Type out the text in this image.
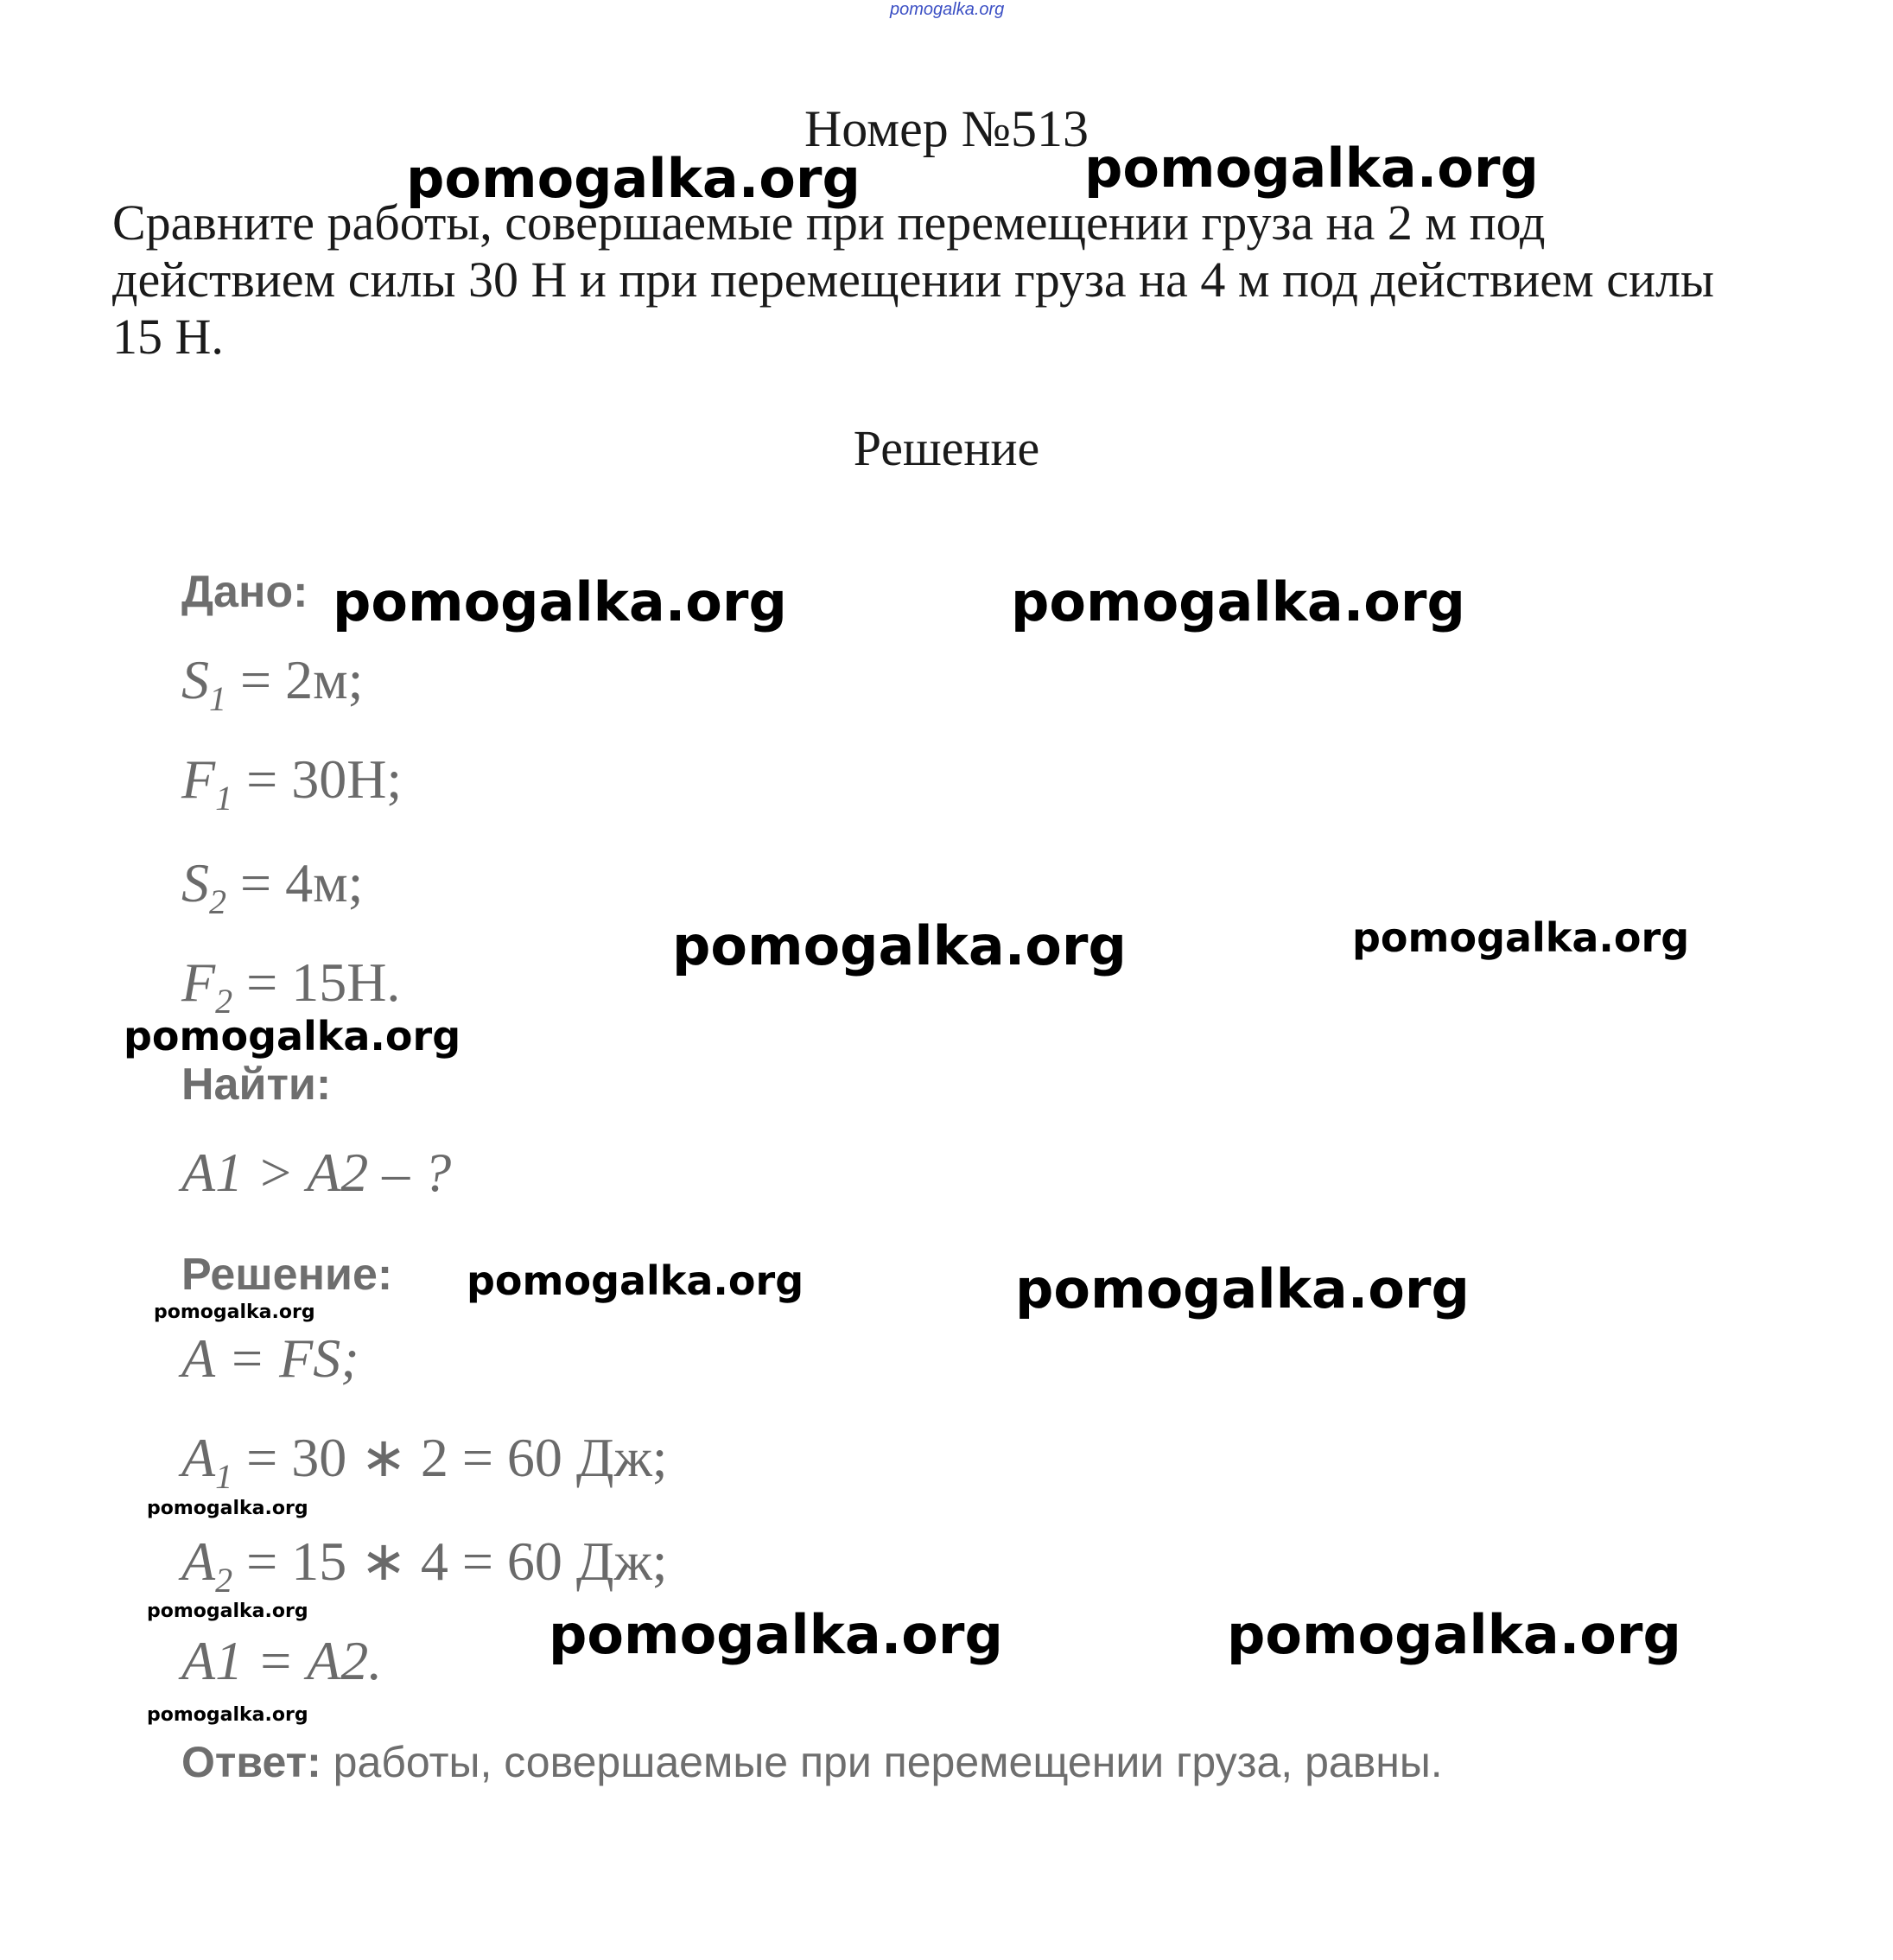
pomogalka.org
Номер №513
Сравните работы, совершаемые при перемещении груза на 2 м под действием силы 30 Н и при перемещении груза на 4 м под действием силы 15 Н.
Решение
Дано:
$S_1 = 2м$;
$F_1 = 30Н$;
$S_2 = 4м$;
$F_2 = 15Н$.
Найти:
A1 > A2 – ?
Решение:
A = FS;
$A_1 = 30$ ∗ 2 = 60 Дж;
$A_2 = 15$ ∗ 4 = 60 Дж;
A1 = A2.
Ответ: работы, совершаемые при перемещении груза, равны.
pomogalka.org	pomogalka.org
pomogalka.org	pomogalka.org
pomogalka.org	pomogalka.org
pomogalka.org
pomogalka.org	pomogalka.org
pomogalka.org
pomogalka.org
pomogalka.org	pomogalka.org	pomogalka.org
pomogalka.org
